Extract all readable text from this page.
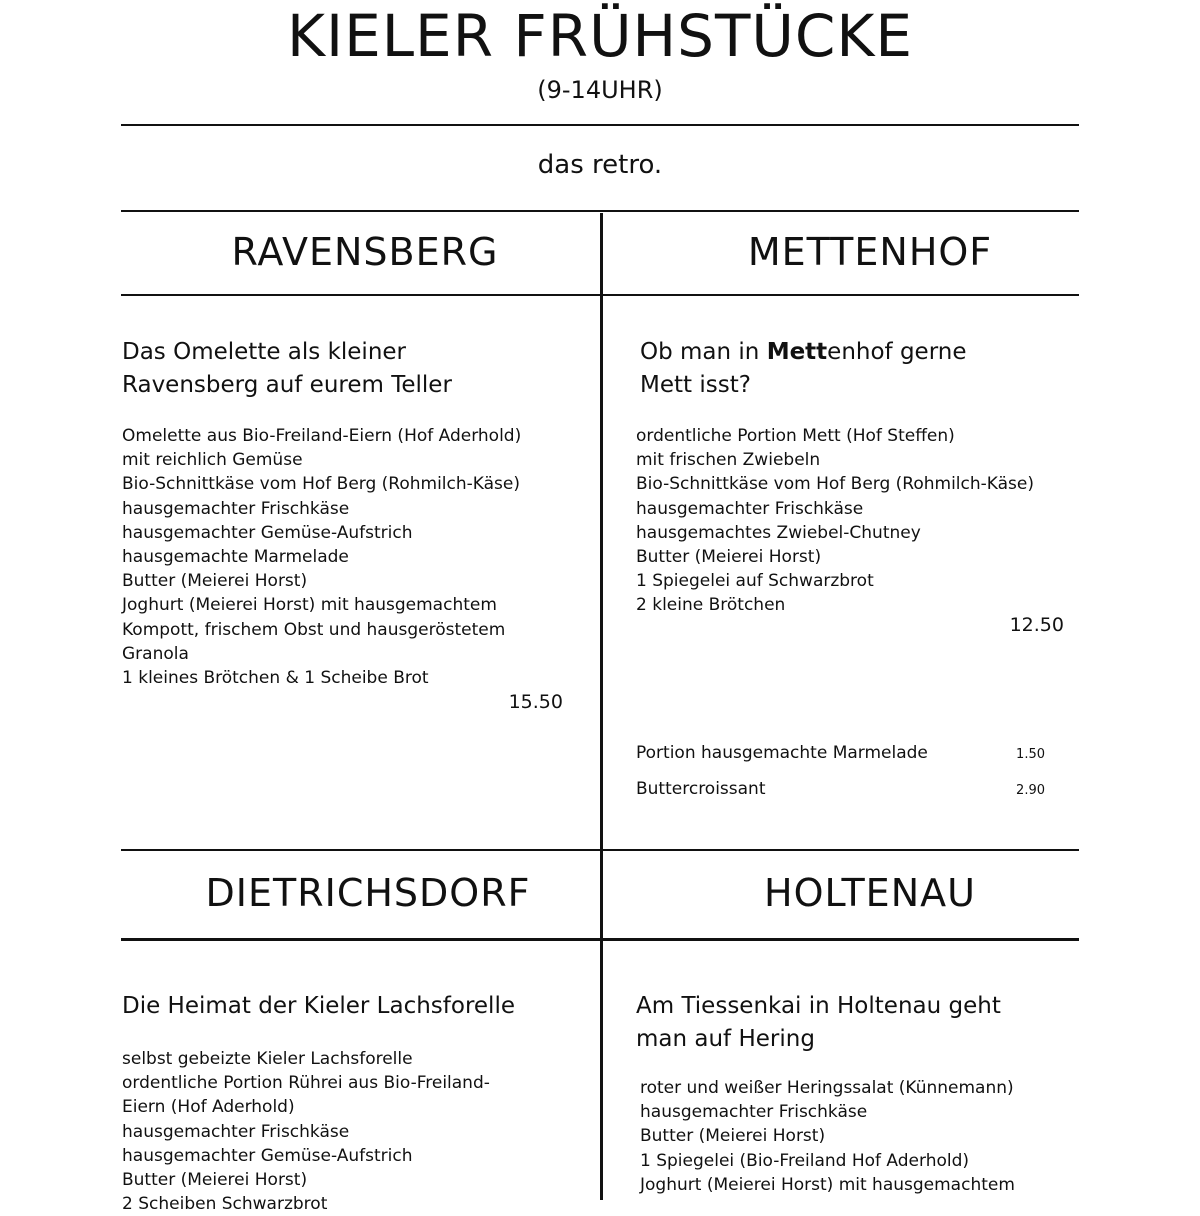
KIELER FRÜHSTÜCKE
(9-14UHR)
das retro.
RAVENSBERG
Das Omelette als kleiner
Ravensberg auf eurem Teller
Omelette aus Bio-Freiland-Eiern (Hof Aderhold)
mit reichlich Gemüse
Bio-Schnittkäse vom Hof Berg (Rohmilch-Käse)
hausgemachter Frischkäse
hausgemachter Gemüse-Aufstrich
hausgemachte Marmelade
Butter (Meierei Horst)
Joghurt (Meierei Horst) mit hausgemachtem
Kompott, frischem Obst und hausgeröstetem
Granola
1 kleines Brötchen & 1 Scheibe Brot
15.50
METTENHOF
Ob man in Mettenhof gerne
Mett isst?
ordentliche Portion Mett (Hof Steffen)
mit frischen Zwiebeln
Bio-Schnittkäse vom Hof Berg (Rohmilch-Käse)
hausgemachter Frischkäse
hausgemachtes Zwiebel-Chutney
Butter (Meierei Horst)
1 Spiegelei auf Schwarzbrot
2 kleine Brötchen
12.50
Portion hausgemachte Marmelade	1.50
Buttercroissant	2.90
DIETRICHSDORF
Die Heimat der Kieler Lachsforelle
selbst gebeizte Kieler Lachsforelle
ordentliche Portion Rührei aus Bio-Freiland-
Eiern (Hof Aderhold)
hausgemachter Frischkäse
hausgemachter Gemüse-Aufstrich
Butter (Meierei Horst)
2 Scheiben Schwarzbrot
HOLTENAU
Am Tiessenkai in Holtenau geht
man auf Hering
roter und weißer Heringssalat (Künnemann)
hausgemachter Frischkäse
Butter (Meierei Horst)
1 Spiegelei (Bio-Freiland Hof Aderhold)
Joghurt (Meierei Horst) mit hausgemachtem
